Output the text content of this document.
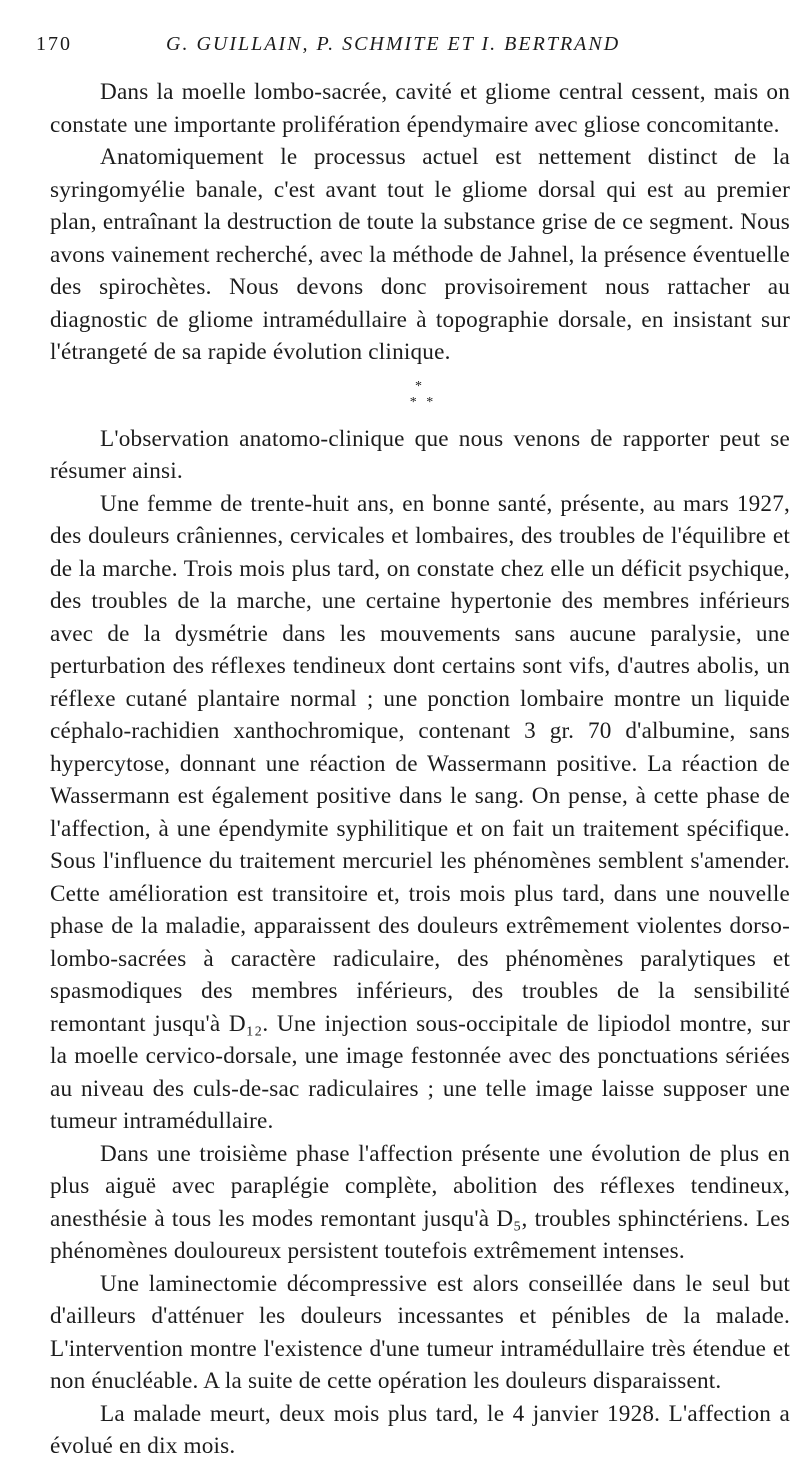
170	G. GUILLAIN, P. SCHMITE ET I. BERTRAND

Dans la moelle lombo-sacrée, cavité et gliome central cessent, mais on constate une importante prolifération épendymaire avec gliose concomitante.

Anatomiquement le processus actuel est nettement distinct de la syringomyélie banale, c'est avant tout le gliome dorsal qui est au premier plan, entraînant la destruction de toute la substance grise de ce segment. Nous avons vainement recherché, avec la méthode de Jahnel, la présence éventuelle des spirochètes. Nous devons donc provisoirement nous rattacher au diagnostic de gliome intramédullaire à topographie dorsale, en insistant sur l'étrangeté de sa rapide évolution clinique.

*
* *

L'observation anatomo-clinique que nous venons de rapporter peut se résumer ainsi.

Une femme de trente-huit ans, en bonne santé, présente, au mars 1927, des douleurs crâniennes, cervicales et lombaires, des troubles de l'équilibre et de la marche. Trois mois plus tard, on constate chez elle un déficit psychique, des troubles de la marche, une certaine hypertonie des membres inférieurs avec de la dysmétrie dans les mouvements sans aucune paralysie, une perturbation des réflexes tendineux dont certains sont vifs, d'autres abolis, un réflexe cutané plantaire normal ; une ponction lombaire montre un liquide céphalo-rachidien xanthochromique, contenant 3 gr. 70 d'albumine, sans hypercytose, donnant une réaction de Wassermann positive. La réaction de Wassermann est également positive dans le sang. On pense, à cette phase de l'affection, à une épendymite syphilitique et on fait un traitement spécifique. Sous l'influence du traitement mercuriel les phénomènes semblent s'amender. Cette amélioration est transitoire et, trois mois plus tard, dans une nouvelle phase de la maladie, apparaissent des douleurs extrêmement violentes dorso-lombo-sacrées à caractère radiculaire, des phénomènes paralytiques et spasmodiques des membres inférieurs, des troubles de la sensibilité remontant jusqu'à D₁₂. Une injection sous-occipitale de lipiodol montre, sur la moelle cervico-dorsale, une image festonnée avec des ponctuations sériées au niveau des culs-de-sac radiculaires ; une telle image laisse supposer une tumeur intramédullaire.

Dans une troisième phase l'affection présente une évolution de plus en plus aiguë avec paraplégie complète, abolition des réflexes tendineux, anesthésie à tous les modes remontant jusqu'à D₅, troubles sphinctériens. Les phénomènes douloureux persistent toutefois extrêmement intenses.

Une laminectomie décompressive est alors conseillée dans le seul but d'ailleurs d'atténuer les douleurs incessantes et pénibles de la malade. L'intervention montre l'existence d'une tumeur intramédullaire très étendue et non énucléable. A la suite de cette opération les douleurs disparaissent.

La malade meurt, deux mois plus tard, le 4 janvier 1928. L'affection a évolué en dix mois.
